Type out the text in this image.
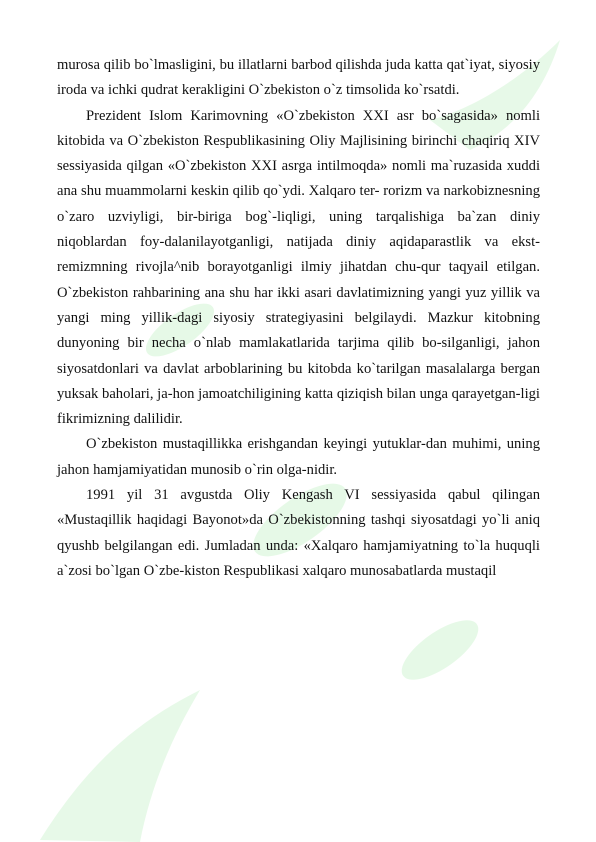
murosa qilib bo`lmasligini, bu illatlarni barbod qilishda juda katta qat`iyat, siyosiy iroda va ichki qudrat kerakligini O`zbekiston o`z timsolida ko`rsatdi.

Prezident Islom Karimovning «O`zbekiston XXI asr bo`sagasida» nomli kitobida va O`zbekiston Respublikasining Oliy Majlisining birinchi chaqiriq XIV sessiyasida qilgan «O`zbekiston XXI asrga intilmoqda» nomli ma`ruzasida xuddi ana shu muammolarni keskin qilib qo`ydi. Xalqaro ter- rorizm va narkobiznesning o`zaro uzviyligi, bir-biriga bog`-liqligi, uning tarqalishiga ba`zan diniy niqoblardan foy-dalanilayotganligi, natijada diniy aqidaparastlik va ekst-remizmning rivojla^nib borayotganligi ilmiy jihatdan chu-qur taqyail etilgan. O`zbekiston rahbarining ana shu har ikki asari davlatimizning yangi yuz yillik va yangi ming yillik-dagi siyosiy strategiyasini belgilaydi. Mazkur kitobning dunyoning bir necha o`nlab mamlakatlarida tarjima qilib bo-silganligi, jahon siyosatdonlari va davlat arboblarining bu kitobda ko`tarilgan masalalarga bergan yuksak baholari, ja-hon jamoatchiligining katta qiziqish bilan unga qarayetgan-ligi fikrimizning dalilidir.

O`zbekiston mustaqillikka erishgandan keyingi yutuklar-dan muhimi, uning jahon hamjamiyatidan munosib o`rin olga-nidir.

1991 yil 31 avgustda Oliy Kengash VI sessiyasida qabul qilingan «Mustaqillik haqidagi Bayonot»da O`zbekistonning tashqi siyosatdagi yo`li aniq qyushb belgilangan edi. Jumladan unda: «Xalqaro hamjamiyatning to`la huquqli a`zosi bo`lgan O`zbe-kiston Respublikasi xalqaro munosabatlarda mustaqil
